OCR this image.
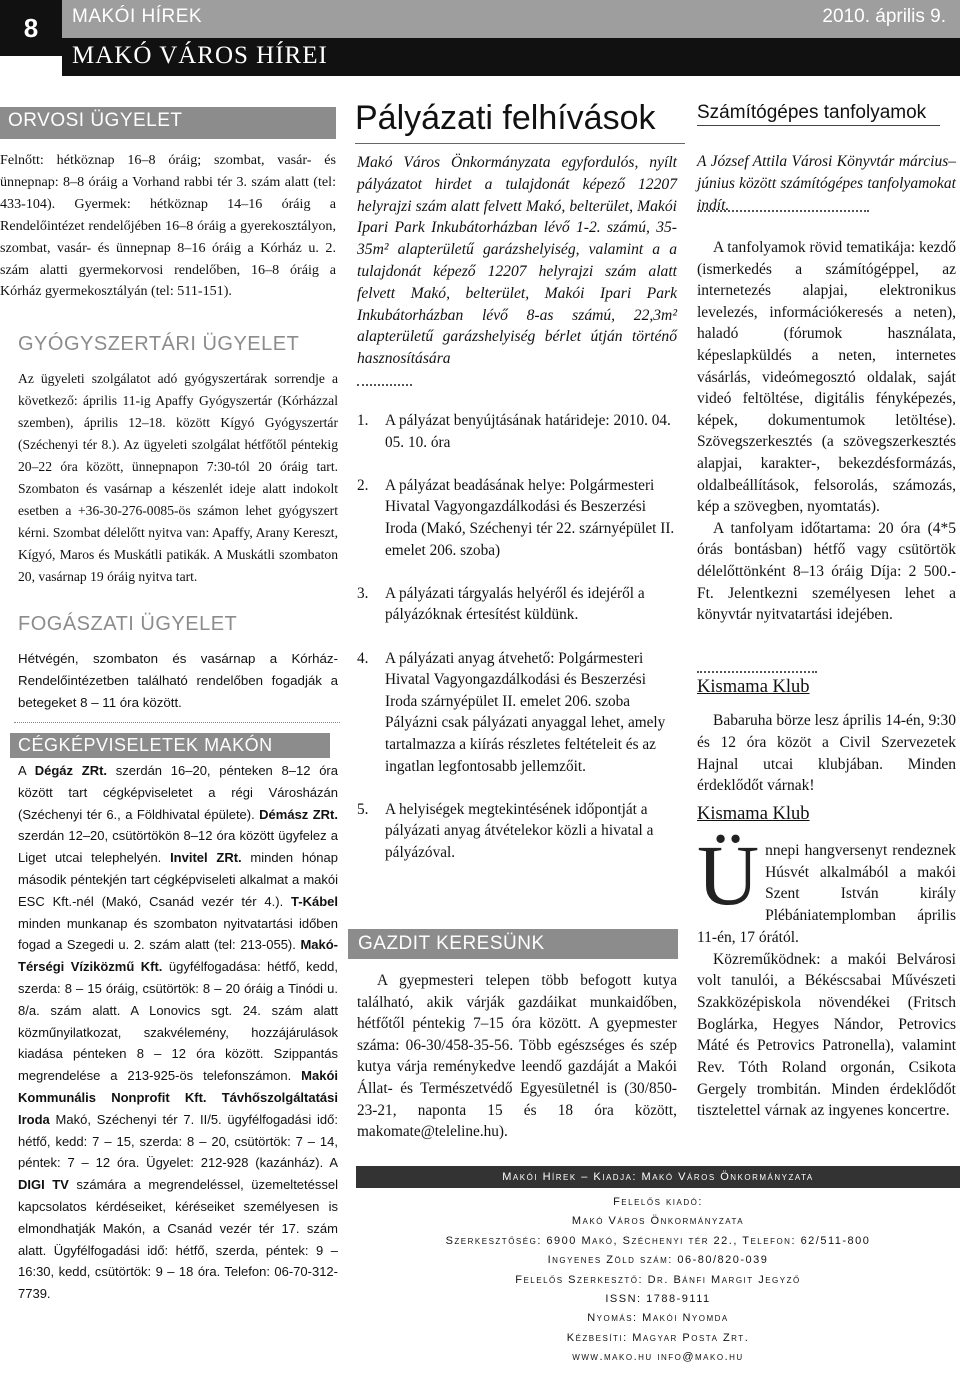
8	MAKÓI HÍREK	2010. április 9.
MAKÓ VÁROS HÍREI
ORVOSI ÜGYELET
Felnőtt: hétköznap 16–8 óráig; szombat, vasár- és ünnepnap: 8–8 óráig a Vorhand rabbi tér 3. szám alatt (tel: 433-104). Gyermek: hétköznap 14–16 óráig a Rendelőintézet rendelőjében 16–8 óráig a gyerekosztályon, szombat, vasár- és ünnepnap 8–16 óráig a Kórház u. 2. szám alatti gyermekorvosi rendelőben, 16–8 óráig a Kórház gyermekosztályán (tel: 511-151).
GYÓGYSZERTÁRI ÜGYELET
Az ügyeleti szolgálatot adó gyógyszertárak sorrendje a következő: április 11-ig Apaffy Gyógyszertár (Kórházzal szemben), április 12–18. között Kígyó Gyógyszertár (Széchenyi tér 8.). Az ügyeleti szolgálat hétfőtől péntekig 20–22 óra között, ünnepnapon 7:30-tól 20 óráig tart. Szombaton és vasárnap a készenlét ideje alatt indokolt esetben a +36-30-276-0085-ös számon lehet gyógyszert kérni. Szombat délelőtt nyitva van: Apaffy, Arany Kereszt, Kígyó, Maros és Muskátli patikák. A Muskátli szombaton 20, vasárnap 19 óráig nyitva tart.
FOGÁSZATI ÜGYELET
Hétvégén, szombaton és vasárnap a Kórház-Rendelőintézetben található rendelőben fogadják a betegeket 8 – 11 óra között.
CÉGKÉPVISELETEK MAKÓN
A Dégáz ZRt. szerdán 16–20, pénteken 8–12 óra között tart cégképviseletet a régi Városházán (Széchenyi tér 6., a Földhivatal épülete). Démász ZRt. szerdán 12–20, csütörtökön 8–12 óra között ügyfelez a Liget utcai telephelyén. Invitel ZRt. minden hónap második péntekjén tart cégképviseleti alkalmat a makói ESC Kft.-nél (Makó, Csanád vezér tér 4.). T-Kábel minden munkanap és szombaton nyitvatartási időben fogad a Szegedi u. 2. szám alatt (tel: 213-055). Makó-Térségi Víziközmű Kft. ügyfélfogadása: hétfő, kedd, szerda: 8 – 15 óráig, csütörtök: 8 – 20 óráig a Tinódi u. 8/a. szám alatt. A Lonovics sgt. 24. szám alatt közműnyilatkozat, szakvélemény, hozzájárulások kiadása pénteken 8 – 12 óra között. Szippantás megrendelése a 213-925-ös telefonszámon. Makói Kommunális Nonprofit Kft. Távhőszolgáltatási Iroda Makó, Széchenyi tér 7. II/5. ügyfélfogadási idő: hétfő, kedd: 7 – 15, szerda: 8 – 20, csütörtök: 7 – 14, péntek: 7 – 12 óra. Ügyelet: 212-928 (kazánház). A DIGI TV számára a megrendeléssel, üzemeltetéssel kapcsolatos kérdéseiket, kéréseiket személyesen is elmondhatják Makón, a Csanád vezér tér 17. szám alatt. Ügyfélfogadási idő: hétfő, szerda, péntek: 9 – 16:30, kedd, csütörtök: 9 – 18 óra. Telefon: 06-70-312-7739.
Pályázati felhívások
Makó Város Önkormányzata egyfordulós, nyílt pályázatot hirdet a tulajdonát képező 12207 helyrajzi szám alatt felvett Makó, belterület, Makói Ipari Park Inkubátorházban lévő 1-2. számú, 35-35m² alapterületű garázshelyiség, valamint a a tulajdonát képező 12207 helyrajzi szám alatt felvett Makó, belterület, Makói Ipari Park Inkubátorházban lévő 8-as számú, 22,3m² alapterületű garázshelyiség bérlet útján történő hasznosítására
1.	A pályázat benyújtásának határideje: 2010. 04. 05. 10. óra
2.	A pályázat beadásának helye: Polgármesteri Hivatal Vagyongazdálkodási és Beszerzési Iroda (Makó, Széchenyi tér 22. szárnyépület II. emelet 206. szoba)
3.	A pályázati tárgyalás helyéről és idejéről a pályázóknak értesítést küldünk.
4.	A pályázati anyag átvehető: Polgármesteri Hivatal Vagyongazdálkodási és Beszerzési Iroda szárnyépület II. emelet 206. szoba
Pályázni csak pályázati anyaggal lehet, amely tartalmazza a kiírás részletes feltételeit és az ingatlan legfontosabb jellemzőit.
5.	A helyiségek megtekintésének időpontját a pályázati anyag átvételekor közli a hivatal a pályázóval.
GAZDIT KERESÜNK

A gyepmesteri telepen több befogott kutya található, akik várják gazdáikat munkaidőben, hétfőtől péntekig 7–15 óra között. A gyepmester száma: 06-30/458-35-56. Több egészséges és szép kutya várja reménykedve leendő gazdáját a Makói Állat- és Természetvédő Egyesületnél is (30/850-23-21, naponta 15 és 18 óra között, makomate@teleline.hu).

Számítógépes tanfolyamok
A József Attila Városi Könyvtár március–június között számítógépes tanfolyamokat indít.

A tanfolyamok rövid tematikája: kezdő (ismerkedés a számítógéppel, az internetezés alapjai, elektronikus levelezés, információkeresés a neten), haladó (fórumok használata, képeslapküldés a neten, internetes vásárlás, videómegosztó oldalak, saját videó feltöltése, digitális fényképezés, képek, dokumentumok letöltése). Szövegszerkesztés (a szövegszerkesztés alapjai, karakter-, bekezdésformázás, oldalbeállítások, felsorolás, számozás, kép a szövegben, nyomtatás).

A tanfolyam időtartama: 20 óra (4*5 órás bontásban) hétfő vagy csütörtök délelőttönként 8–13 óráig Díja: 2 500.- Ft. Jelentkezni személyesen lehet a könyvtár nyitvatartási idejében.

Kismama Klub
Babaruha börze lesz április 14-én, 9:30 és 12 óra közöt a Civil Szervezetek Hajnal utcai klubjában. Minden érdeklődőt várnak!
Kismama Klub

Ünnepi hangversenyt rendeznek Húsvét alkalmából a makói Szent István király Plébániatemplomban április 11-én, 17 órától.

Közreműködnek: a makói Belvárosi volt tanulói, a Békéscsabai Művészeti Szakközépiskola növendékei (Fritsch Boglárka, Hegyes Nándor, Petrovics Máté és Petrovics Patronella), valamint Rev. Tóth Roland orgonán, Csikota Gergely trombitán. Minden érdeklődőt tisztelettel várnak az ingyenes koncertre.

Makói Hírek – Kiadja: Makó Város Önkormányzata
Felelős kiadó:
Makó Város Önkormányzata
Szerkesztőség: 6900 Makó, Széchenyi tér 22., Telefon: 62/511-800
Ingyenes Zöld szám: 06-80/820-039
Felelős Szerkesztő: Dr. Bánfi Margit Jegyző
ISSN: 1788-9111
Nyomás: Makói Nyomda
Kézbesíti: Magyar Posta Zrt.
www.mako.hu info@mako.hu
